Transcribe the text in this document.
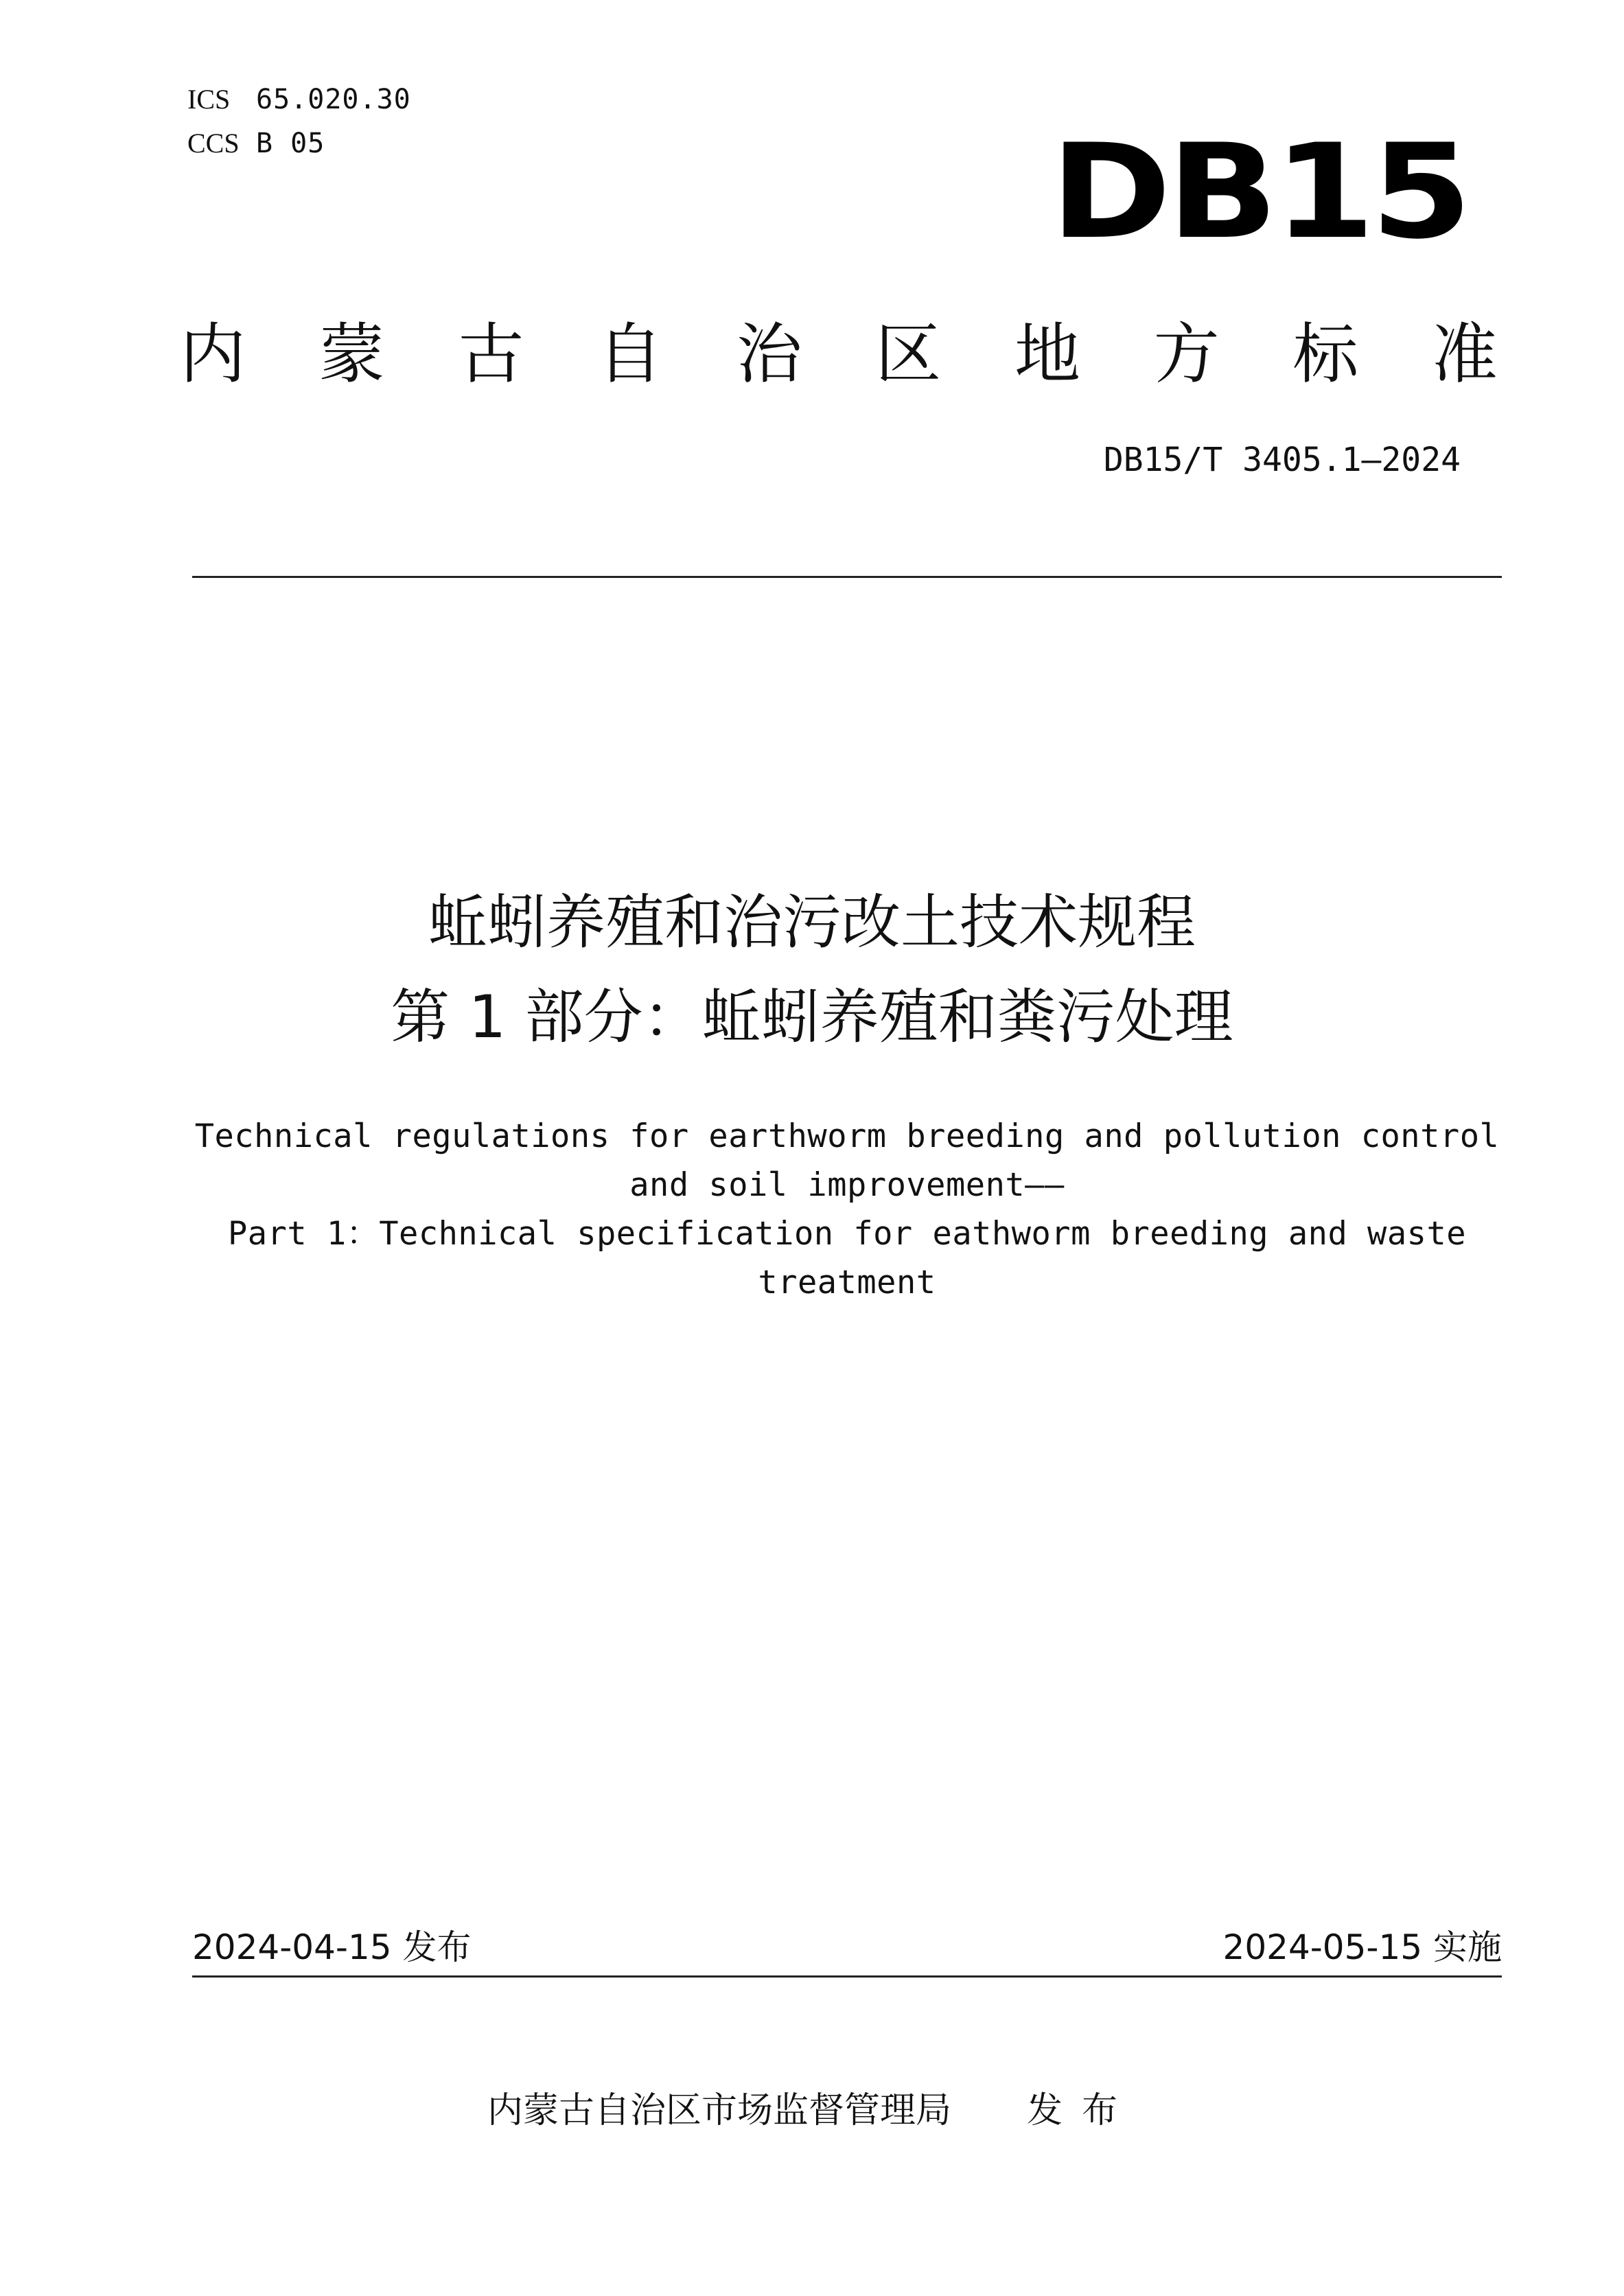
ICS 65.020.30
CCS B 05	DB15
内 蒙 古 自 治 区 地 方 标 准
DB15/T 3405.1—2024
蚯蚓养殖和治污改土技术规程
第 1 部分：蚯蚓养殖和粪污处理
Technical regulations for earthworm breeding and pollution control
and soil improvement——
Part 1：Technical specification for eathworm breeding and waste
treatment
2024-04-15 发布	2024-05-15 实施
内蒙古自治区市场监督管理局 发布
